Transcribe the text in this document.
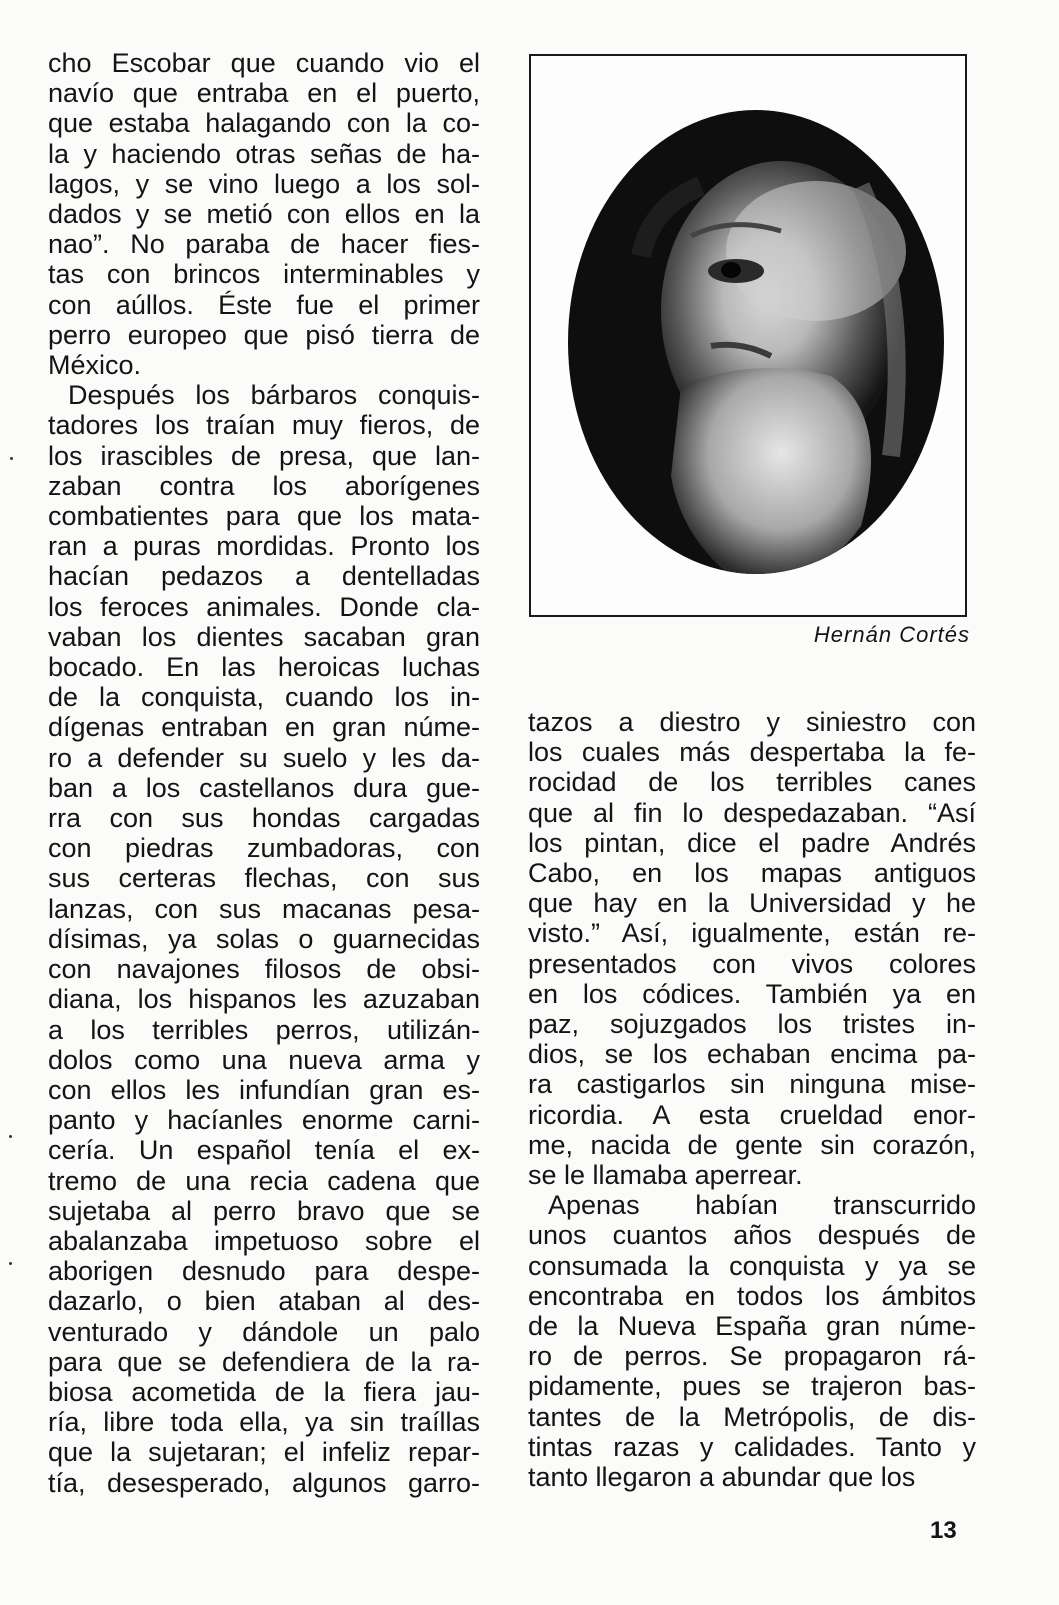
cho Escobar que cuando vio el
navío que entraba en el puerto,
que estaba halagando con la co-
la y haciendo otras señas de ha-
lagos, y se vino luego a los sol-
dados y se metió con ellos en la
nao”. No paraba de hacer fies-
tas con brincos interminables y
con aúllos. Éste fue el primer
perro europeo que pisó tierra de
México.
Después los bárbaros conquis-
tadores los traían muy fieros, de
los irascibles de presa, que lan-
zaban contra los aborígenes
combatientes para que los mata-
ran a puras mordidas. Pronto los
hacían pedazos a dentelladas
los feroces animales. Donde cla-
vaban los dientes sacaban gran
bocado. En las heroicas luchas
de la conquista, cuando los in-
dígenas entraban en gran núme-
ro a defender su suelo y les da-
ban a los castellanos dura gue-
rra con sus hondas cargadas
con piedras zumbadoras, con
sus certeras flechas, con sus
lanzas, con sus macanas pesa-
dísimas, ya solas o guarnecidas
con navajones filosos de obsi-
diana, los hispanos les azuzaban
a los terribles perros, utilizán-
dolos como una nueva arma y
con ellos les infundían gran es-
panto y hacíanles enorme carni-
cería. Un español tenía el ex-
tremo de una recia cadena que
sujetaba al perro bravo que se
abalanzaba impetuoso sobre el
aborigen desnudo para despe-
dazarlo, o bien ataban al des-
venturado y dándole un palo
para que se defendiera de la ra-
biosa acometida de la fiera jau-
ría, libre toda ella, ya sin traíllas
que la sujetaran; el infeliz repar-
tía, desesperado, algunos garro-
Hernán Cortés
tazos a diestro y siniestro con
los cuales más despertaba la fe-
rocidad de los terribles canes
que al fin lo despedazaban. “Así
los pintan, dice el padre Andrés
Cabo, en los mapas antiguos
que hay en la Universidad y he
visto.” Así, igualmente, están re-
presentados con vivos colores
en los códices. También ya en
paz, sojuzgados los tristes in-
dios, se los echaban encima pa-
ra castigarlos sin ninguna mise-
ricordia. A esta crueldad enor-
me, nacida de gente sin corazón,
se le llamaba aperrear.
Apenas habían transcurrido
unos cuantos años después de
consumada la conquista y ya se
encontraba en todos los ámbitos
de la Nueva España gran núme-
ro de perros. Se propagaron rá-
pidamente, pues se trajeron bas-
tantes de la Metrópolis, de dis-
tintas razas y calidades. Tanto y
tanto llegaron a abundar que los
13
